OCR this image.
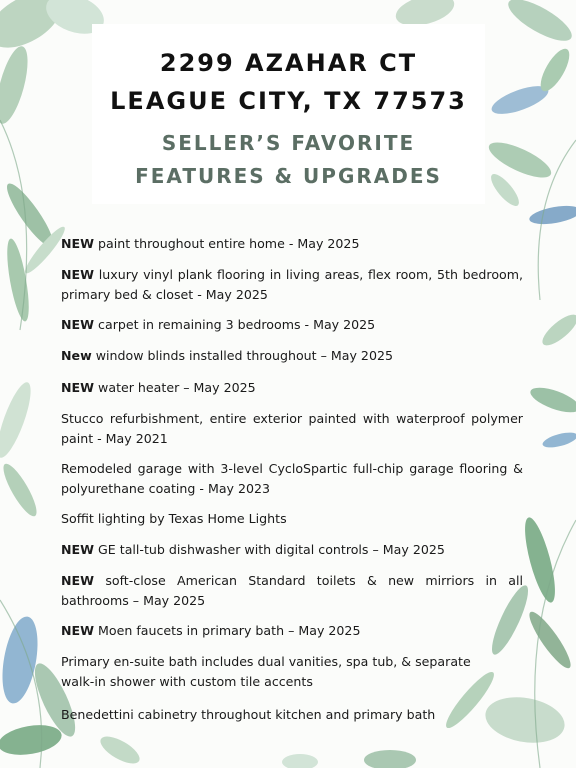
2299 AZAHAR CT
LEAGUE CITY, TX 77573
SELLER’S FAVORITE
FEATURES & UPGRADES
NEW paint throughout entire home - May 2025
NEW luxury vinyl plank flooring in living areas, flex room, 5th bedroom, primary bed & closet - May 2025
NEW carpet in remaining 3 bedrooms - May 2025
New window blinds installed throughout – May 2025
NEW water heater – May 2025
Stucco refurbishment, entire exterior painted with waterproof polymer paint - May 2021
Remodeled garage with 3-level CycloSpartic full-chip garage flooring & polyurethane coating - May 2023
Soffit lighting by Texas Home Lights
NEW GE tall-tub dishwasher with digital controls – May 2025
NEW soft-close American Standard toilets & new mirriors in all bathrooms – May 2025
NEW Moen faucets in primary bath – May 2025
Primary en-suite bath includes dual vanities, spa tub, & separate walk-in shower with custom tile accents
Benedettini cabinetry throughout kitchen and primary bath
